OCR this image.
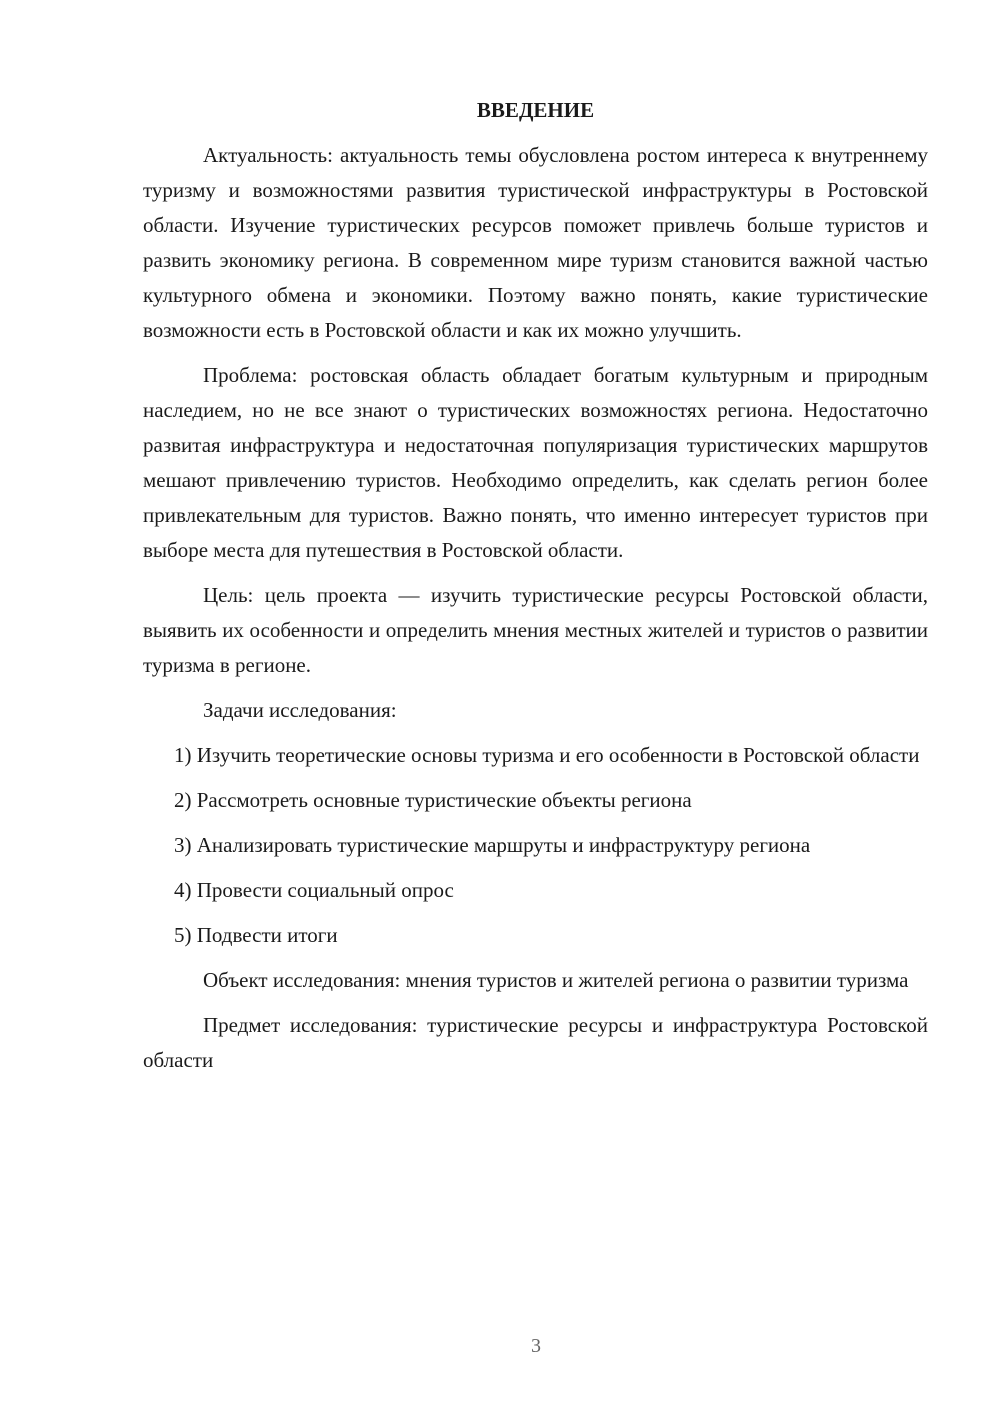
ВВЕДЕНИЕ
Актуальность: актуальность темы обусловлена ростом интереса к внутреннему туризму и возможностями развития туристической инфраструктуры в Ростовской области. Изучение туристических ресурсов поможет привлечь больше туристов и развить экономику региона. В современном мире туризм становится важной частью культурного обмена и экономики. Поэтому важно понять, какие туристические возможности есть в Ростовской области и как их можно улучшить.
Проблема: ростовская область обладает богатым культурным и природным наследием, но не все знают о туристических возможностях региона. Недостаточно развитая инфраструктура и недостаточная популяризация туристических маршрутов мешают привлечению туристов. Необходимо определить, как сделать регион более привлекательным для туристов. Важно понять, что именно интересует туристов при выборе места для путешествия в Ростовской области.
Цель: цель проекта — изучить туристические ресурсы Ростовской области, выявить их особенности и определить мнения местных жителей и туристов о развитии туризма в регионе.
Задачи исследования:
1) Изучить теоретические основы туризма и его особенности в Ростовской области
2) Рассмотреть основные туристические объекты региона
3) Анализировать туристические маршруты и инфраструктуру региона
4) Провести социальный опрос
5) Подвести итоги
Объект исследования: мнения туристов и жителей региона о развитии туризма
Предмет исследования: туристические ресурсы и инфраструктура Ростовской области
3
